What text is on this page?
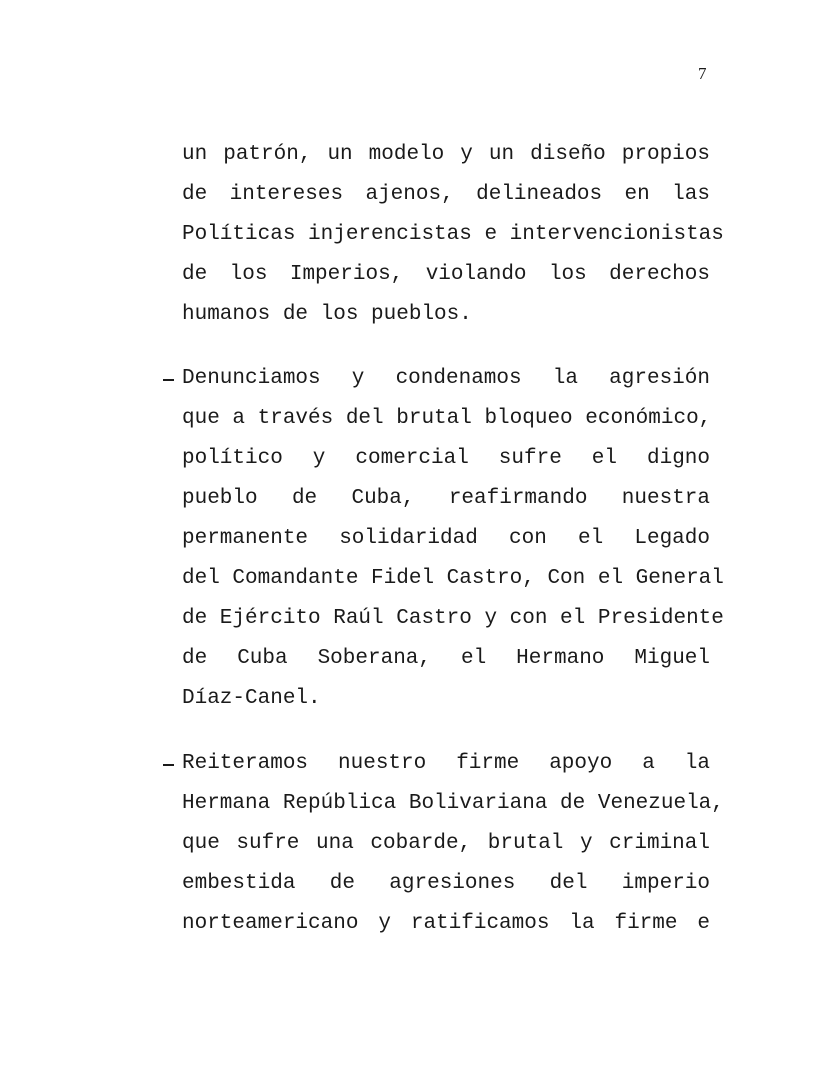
7
un patrón, un modelo y un diseño propios
de intereses ajenos, delineados en las
Políticas injerencistas e intervencionistas
de los Imperios, violando los derechos
humanos de los pueblos.
Denunciamos y condenamos la agresión
que a través del brutal bloqueo económico,
político y comercial sufre el digno
pueblo de Cuba, reafirmando nuestra
permanente solidaridad con el Legado
del Comandante Fidel Castro, Con el General
de Ejército Raúl Castro y con el Presidente
de Cuba Soberana, el Hermano Miguel
Díaz-Canel.
Reiteramos nuestro firme apoyo a la
Hermana República Bolivariana de Venezuela,
que sufre una cobarde, brutal y criminal
embestida de agresiones del imperio
norteamericano y ratificamos la firme e
